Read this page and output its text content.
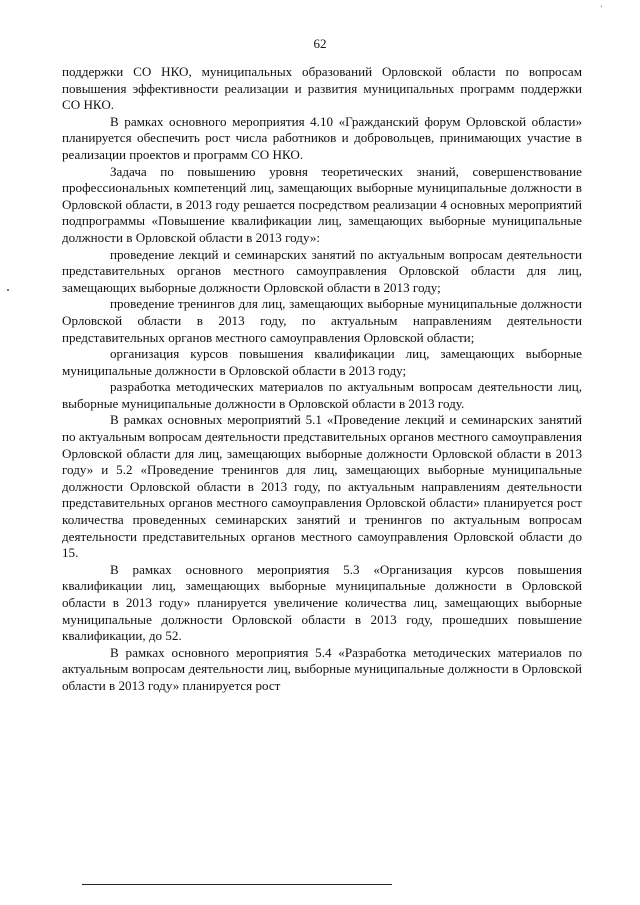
'
62

поддержки СО НКО, муниципальных образований Орловской области по вопросам повышения эффективности реализации и развития муниципальных программ поддержки СО НКО.

В рамках основного мероприятия 4.10 «Гражданский форум Орловской области» планируется обеспечить рост числа работников и добровольцев, принимающих участие в реализации проектов и программ СО НКО.

Задача по повышению уровня теоретических знаний, совершенствование профессиональных компетенций лиц, замещающих выборные муниципальные должности в Орловской области, в 2013 году решается посредством реализации 4 основных мероприятий подпрограммы «Повышение квалификации лиц, замещающих выборные муниципальные должности в Орловской области в 2013 году»:

проведение лекций и семинарских занятий по актуальным вопросам деятельности представительных органов местного самоуправления Орловской области для лиц, замещающих выборные должности Орловской области в 2013 году;

проведение тренингов для лиц, замещающих выборные муниципальные должности Орловской области в 2013 году, по актуальным направлениям деятельности представительных органов местного самоуправления Орловской области;

организация курсов повышения квалификации лиц, замещающих выборные муниципальные должности в Орловской области в 2013 году;

разработка методических материалов по актуальным вопросам деятельности лиц, выборные муниципальные должности в Орловской области в 2013 году.

В рамках основных мероприятий 5.1 «Проведение лекций и семинарских занятий по актуальным вопросам деятельности представительных органов местного самоуправления Орловской области для лиц, замещающих выборные должности Орловской области в 2013 году» и 5.2 «Проведение тренингов для лиц, замещающих выборные муниципальные должности Орловской области в 2013 году, по актуальным направлениям деятельности представительных органов местного самоуправления Орловской области» планируется рост количества проведенных семинарских занятий и тренингов по актуальным вопросам деятельности представительных органов местного самоуправления Орловской области до 15.

В рамках основного мероприятия 5.3 «Организация курсов повышения квалификации лиц, замещающих выборные муниципальные должности в Орловской области в 2013 году» планируется увеличение количества лиц, замещающих выборные муниципальные должности Орловской области в 2013 году, прошедших повышение квалификации, до 52.

В рамках основного мероприятия 5.4 «Разработка методических материалов по актуальным вопросам деятельности лиц, выборные муниципальные должности в Орловской области в 2013 году» планируется рост
